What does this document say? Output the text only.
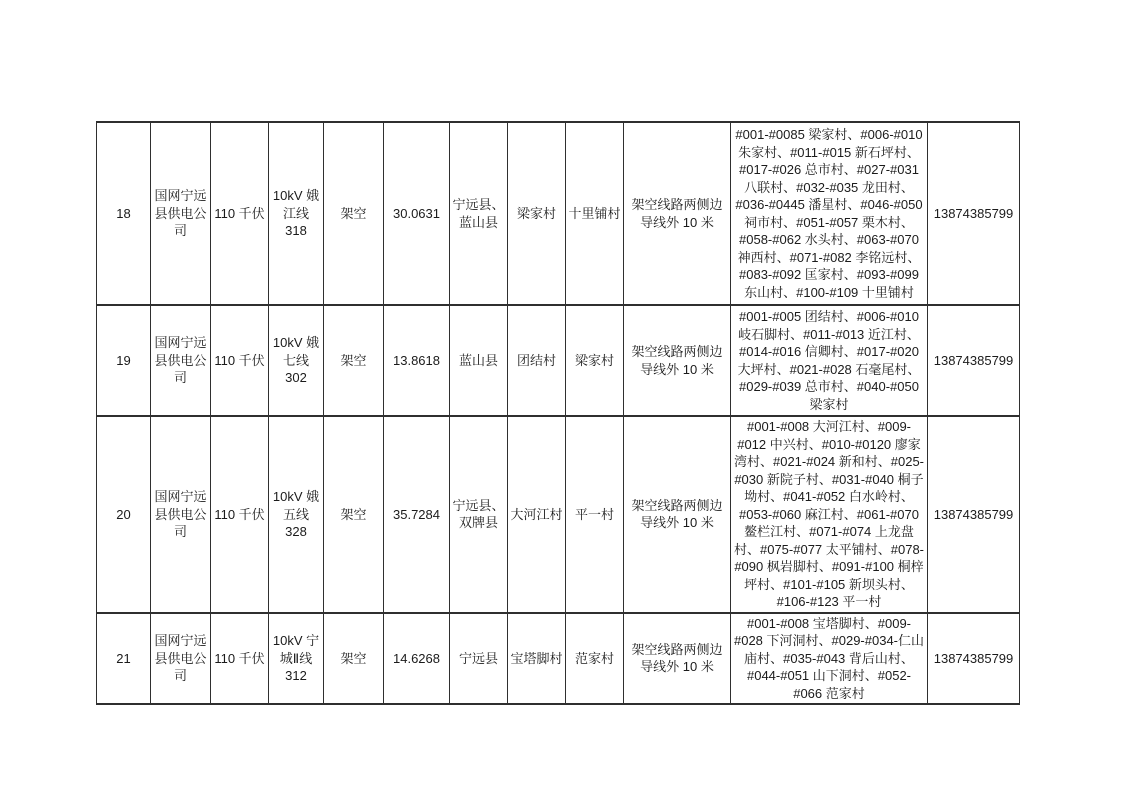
18	国网宁远县供电公司	110 千伏	10kV 娥江线 318	架空	30.0631	宁远县、蓝山县	梁家村	十里铺村	架空线路两侧边导线外 10 米	#001-#0085 梁家村、#006-#010 朱家村、#011-#015 新石坪村、#017-#026 总市村、#027-#031 八联村、#032-#035 龙田村、#036-#0445 潘星村、#046-#050 祠市村、#051-#057 栗木村、#058-#062 水头村、#063-#070 神西村、#071-#082 李铭远村、#083-#092 匡家村、#093-#099 东山村、#100-#109 十里铺村	13874385799
19	国网宁远县供电公司	110 千伏	10kV 娥七线 302	架空	13.8618	蓝山县	团结村	梁家村	架空线路两侧边导线外 10 米	#001-#005 团结村、#006-#010 岐石脚村、#011-#013 近江村、#014-#016 信卿村、#017-#020 大坪村、#021-#028 石毫尾村、#029-#039 总市村、#040-#050 梁家村	13874385799
20	国网宁远县供电公司	110 千伏	10kV 娥五线 328	架空	35.7284	宁远县、双牌县	大河江村	平一村	架空线路两侧边导线外 10 米	#001-#008 大河江村、#009-#012 中兴村、#010-#0120 廖家湾村、#021-#024 新和村、#025-#030 新院子村、#031-#040 桐子坳村、#041-#052 白水岭村、#053-#060 麻江村、#061-#070 鳌栏江村、#071-#074 上龙盘村、#075-#077 太平铺村、#078-#090 枫岩脚村、#091-#100 桐梓坪村、#101-#105 新坝头村、#106-#123 平一村	13874385799
21	国网宁远县供电公司	110 千伏	10kV 宁城Ⅱ线 312	架空	14.6268	宁远县	宝塔脚村	范家村	架空线路两侧边导线外 10 米	#001-#008 宝塔脚村、#009-#028 下河洞村、#029-#034-仁山庙村、#035-#043 背后山村、#044-#051 山下洞村、#052-#066 范家村	13874385799
